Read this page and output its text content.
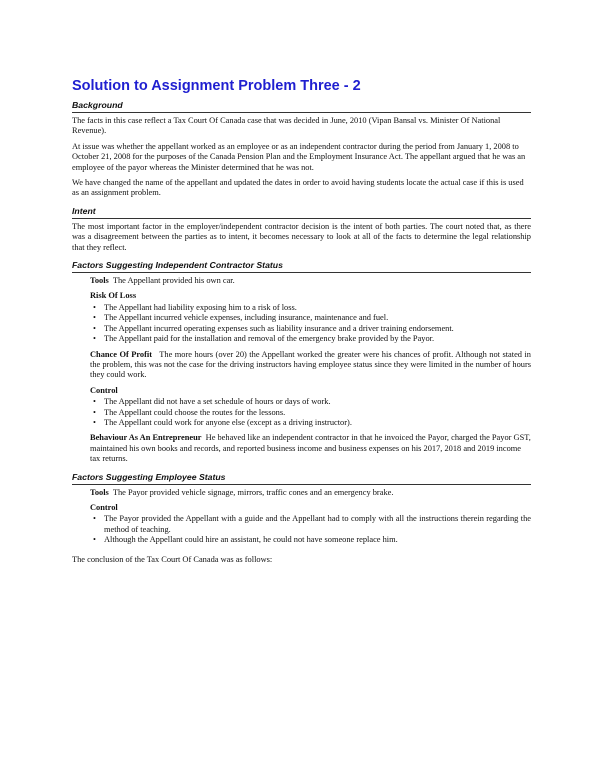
Solution to Assignment Problem Three - 2
Background

The facts in this case reflect a Tax Court Of Canada case that was decided in June, 2010 (Vipan Bansal vs. Minister Of National Revenue).

At issue was whether the appellant worked as an employee or as an independent contractor during the period from January 1, 2008 to October 21, 2008 for the purposes of the Canada Pension Plan and the Employment Insurance Act. The appellant argued that he was an employee of the payor whereas the Minister determined that he was not.

We have changed the name of the appellant and updated the dates in order to avoid having students locate the actual case if this is used as an assignment problem.

Intent

The most important factor in the employer/independent contractor decision is the intent of both parties. The court noted that, as there was a disagreement between the parties as to intent, it becomes necessary to look at all of the facts to determine the legal relationship that they reflect.

Factors Suggesting Independent Contractor Status

Tools The Appellant provided his own car.

Risk Of Loss
• The Appellant had liability exposing him to a risk of loss.
• The Appellant incurred vehicle expenses, including insurance, maintenance and fuel.
• The Appellant incurred operating expenses such as liability insurance and a driver training endorsement.
• The Appellant paid for the installation and removal of the emergency brake provided by the Payor.

Chance Of Profit The more hours (over 20) the Appellant worked the greater were his chances of profit. Although not stated in the problem, this was not the case for the driving instructors having employee status since they were limited in the number of hours they could work.

Control
• The Appellant did not have a set schedule of hours or days of work.
• The Appellant could choose the routes for the lessons.
• The Appellant could work for anyone else (except as a driving instructor).

Behaviour As An Entrepreneur He behaved like an independent contractor in that he invoiced the Payor, charged the Payor GST, maintained his own books and records, and reported business income and business expenses on his 2017, 2018 and 2019 income tax returns.

Factors Suggesting Employee Status

Tools The Payor provided vehicle signage, mirrors, traffic cones and an emergency brake.

Control
• The Payor provided the Appellant with a guide and the Appellant had to comply with all the instructions therein regarding the method of teaching.
• Although the Appellant could hire an assistant, he could not have someone replace him.

The conclusion of the Tax Court Of Canada was as follows:
